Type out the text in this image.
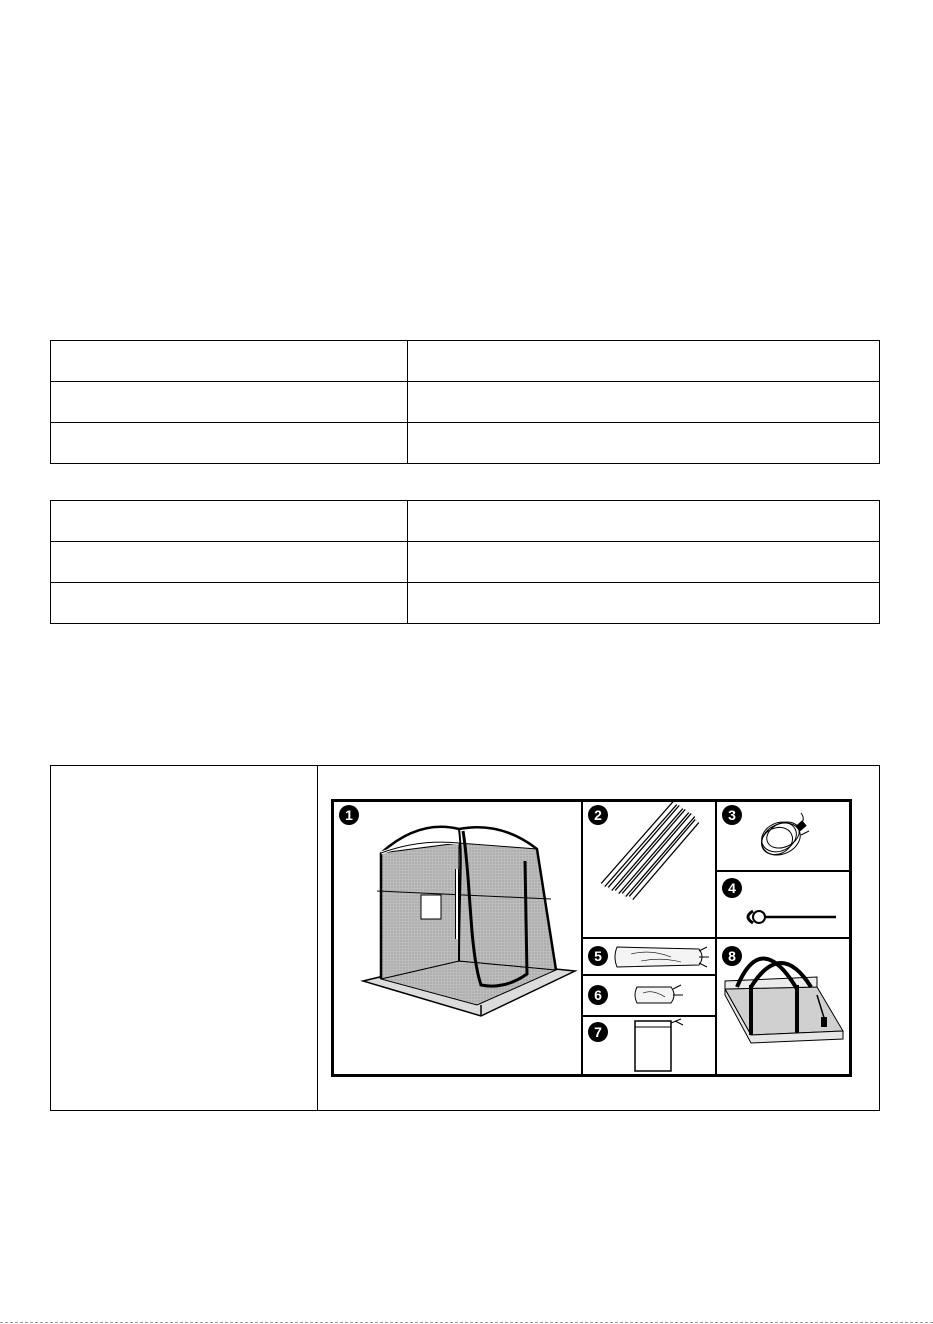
1	2	3
4
5
6
7
8
